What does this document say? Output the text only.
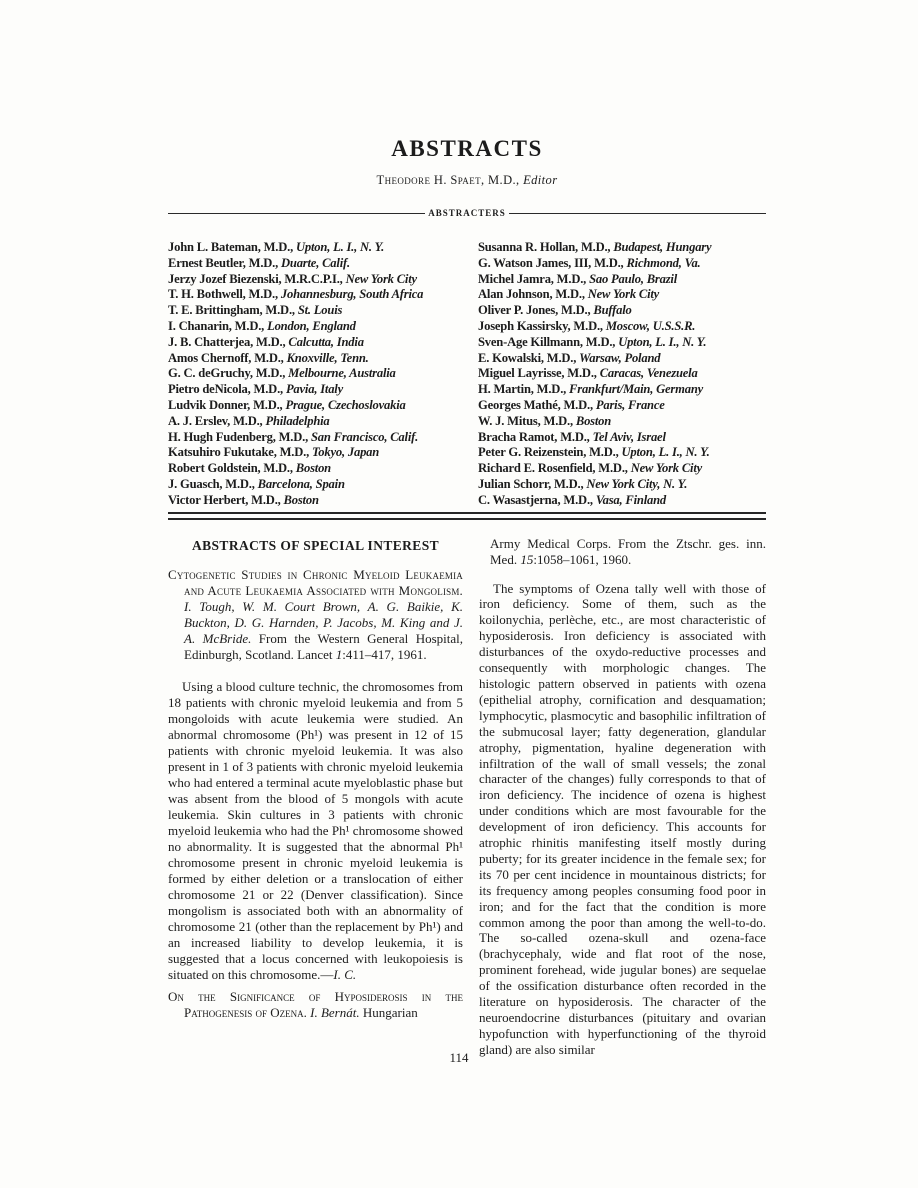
ABSTRACTS
Theodore H. Spaet, M.D., Editor
ABSTRACTERS
John L. Bateman, M.D., Upton, L. I., N. Y.
Ernest Beutler, M.D., Duarte, Calif.
Jerzy Jozef Biezenski, M.R.C.P.I., New York City
T. H. Bothwell, M.D., Johannesburg, South Africa
T. E. Brittingham, M.D., St. Louis
I. Chanarin, M.D., London, England
J. B. Chatterjea, M.D., Calcutta, India
Amos Chernoff, M.D., Knoxville, Tenn.
G. C. deGruchy, M.D., Melbourne, Australia
Pietro deNicola, M.D., Pavia, Italy
Ludvik Donner, M.D., Prague, Czechoslovakia
A. J. Erslev, M.D., Philadelphia
H. Hugh Fudenberg, M.D., San Francisco, Calif.
Katsuhiro Fukutake, M.D., Tokyo, Japan
Robert Goldstein, M.D., Boston
J. Guasch, M.D., Barcelona, Spain
Victor Herbert, M.D., Boston
Susanna R. Hollan, M.D., Budapest, Hungary
G. Watson James, III, M.D., Richmond, Va.
Michel Jamra, M.D., Sao Paulo, Brazil
Alan Johnson, M.D., New York City
Oliver P. Jones, M.D., Buffalo
Joseph Kassirsky, M.D., Moscow, U.S.S.R.
Sven-Age Killmann, M.D., Upton, L. I., N. Y.
E. Kowalski, M.D., Warsaw, Poland
Miguel Layrisse, M.D., Caracas, Venezuela
H. Martin, M.D., Frankfurt/Main, Germany
Georges Mathé, M.D., Paris, France
W. J. Mitus, M.D., Boston
Bracha Ramot, M.D., Tel Aviv, Israel
Peter G. Reizenstein, M.D., Upton, L. I., N. Y.
Richard E. Rosenfield, M.D., New York City
Julian Schorr, M.D., New York City, N. Y.
C. Wasastjerna, M.D., Vasa, Finland
ABSTRACTS OF SPECIAL INTEREST

Cytogenetic Studies in Chronic Myeloid Leukaemia and Acute Leukaemia Associated with Mongolism. I. Tough, W. M. Court Brown, A. G. Baikie, K. Buckton, D. G. Harnden, P. Jacobs, M. King and J. A. McBride. From the Western General Hospital, Edinburgh, Scotland. Lancet 1:411–417, 1961.

Using a blood culture technic, the chromosomes from 18 patients with chronic myeloid leukemia and from 5 mongoloids with acute leukemia were studied. An abnormal chromosome (Ph¹) was present in 12 of 15 patients with chronic myeloid leukemia. It was also present in 1 of 3 patients with chronic myeloid leukemia who had entered a terminal acute myeloblastic phase but was absent from the blood of 5 mongols with acute leukemia. Skin cultures in 3 patients with chronic myeloid leukemia who had the Ph¹ chromosome showed no abnormality. It is suggested that the abnormal Ph¹ chromosome present in chronic myeloid leukemia is formed by either deletion or a translocation of either chromosome 21 or 22 (Denver classification). Since mongolism is associated both with an abnormality of chromosome 21 (other than the replacement by Ph¹) and an increased liability to develop leukemia, it is suggested that a locus concerned with leukopoiesis is situated on this chromosome.—I. C.

On the Significance of Hyposiderosis in the Pathogenesis of Ozena. I. Bernát. Hungarian

Army Medical Corps. From the Ztschr. ges. inn. Med. 15:1058–1061, 1960.

The symptoms of Ozena tally well with those of iron deficiency. Some of them, such as the koilonychia, perlèche, etc., are most characteristic of hyposiderosis. Iron deficiency is associated with disturbances of the oxydo-reductive processes and consequently with morphologic changes. The histologic pattern observed in patients with ozena (epithelial atrophy, cornification and desquamation; lymphocytic, plasmocytic and basophilic infiltration of the submucosal layer; fatty degeneration, glandular atrophy, pigmentation, hyaline degeneration with infiltration of the wall of small vessels; the zonal character of the changes) fully corresponds to that of iron deficiency. The incidence of ozena is highest under conditions which are most favourable for the development of iron deficiency. This accounts for atrophic rhinitis manifesting itself mostly during puberty; for its greater incidence in the female sex; for its 70 per cent incidence in mountainous districts; for its frequency among peoples consuming food poor in iron; and for the fact that the condition is more common among the poor than among the well-to-do. The so-called ozena-skull and ozena-face (brachycephaly, wide and flat root of the nose, prominent forehead, wide jugular bones) are sequelae of the ossification disturbance often recorded in the literature on hyposiderosis. The character of the neuroendocrine disturbances (pituitary and ovarian hypofunction with hyperfunctioning of the thyroid gland) are also similar

114
